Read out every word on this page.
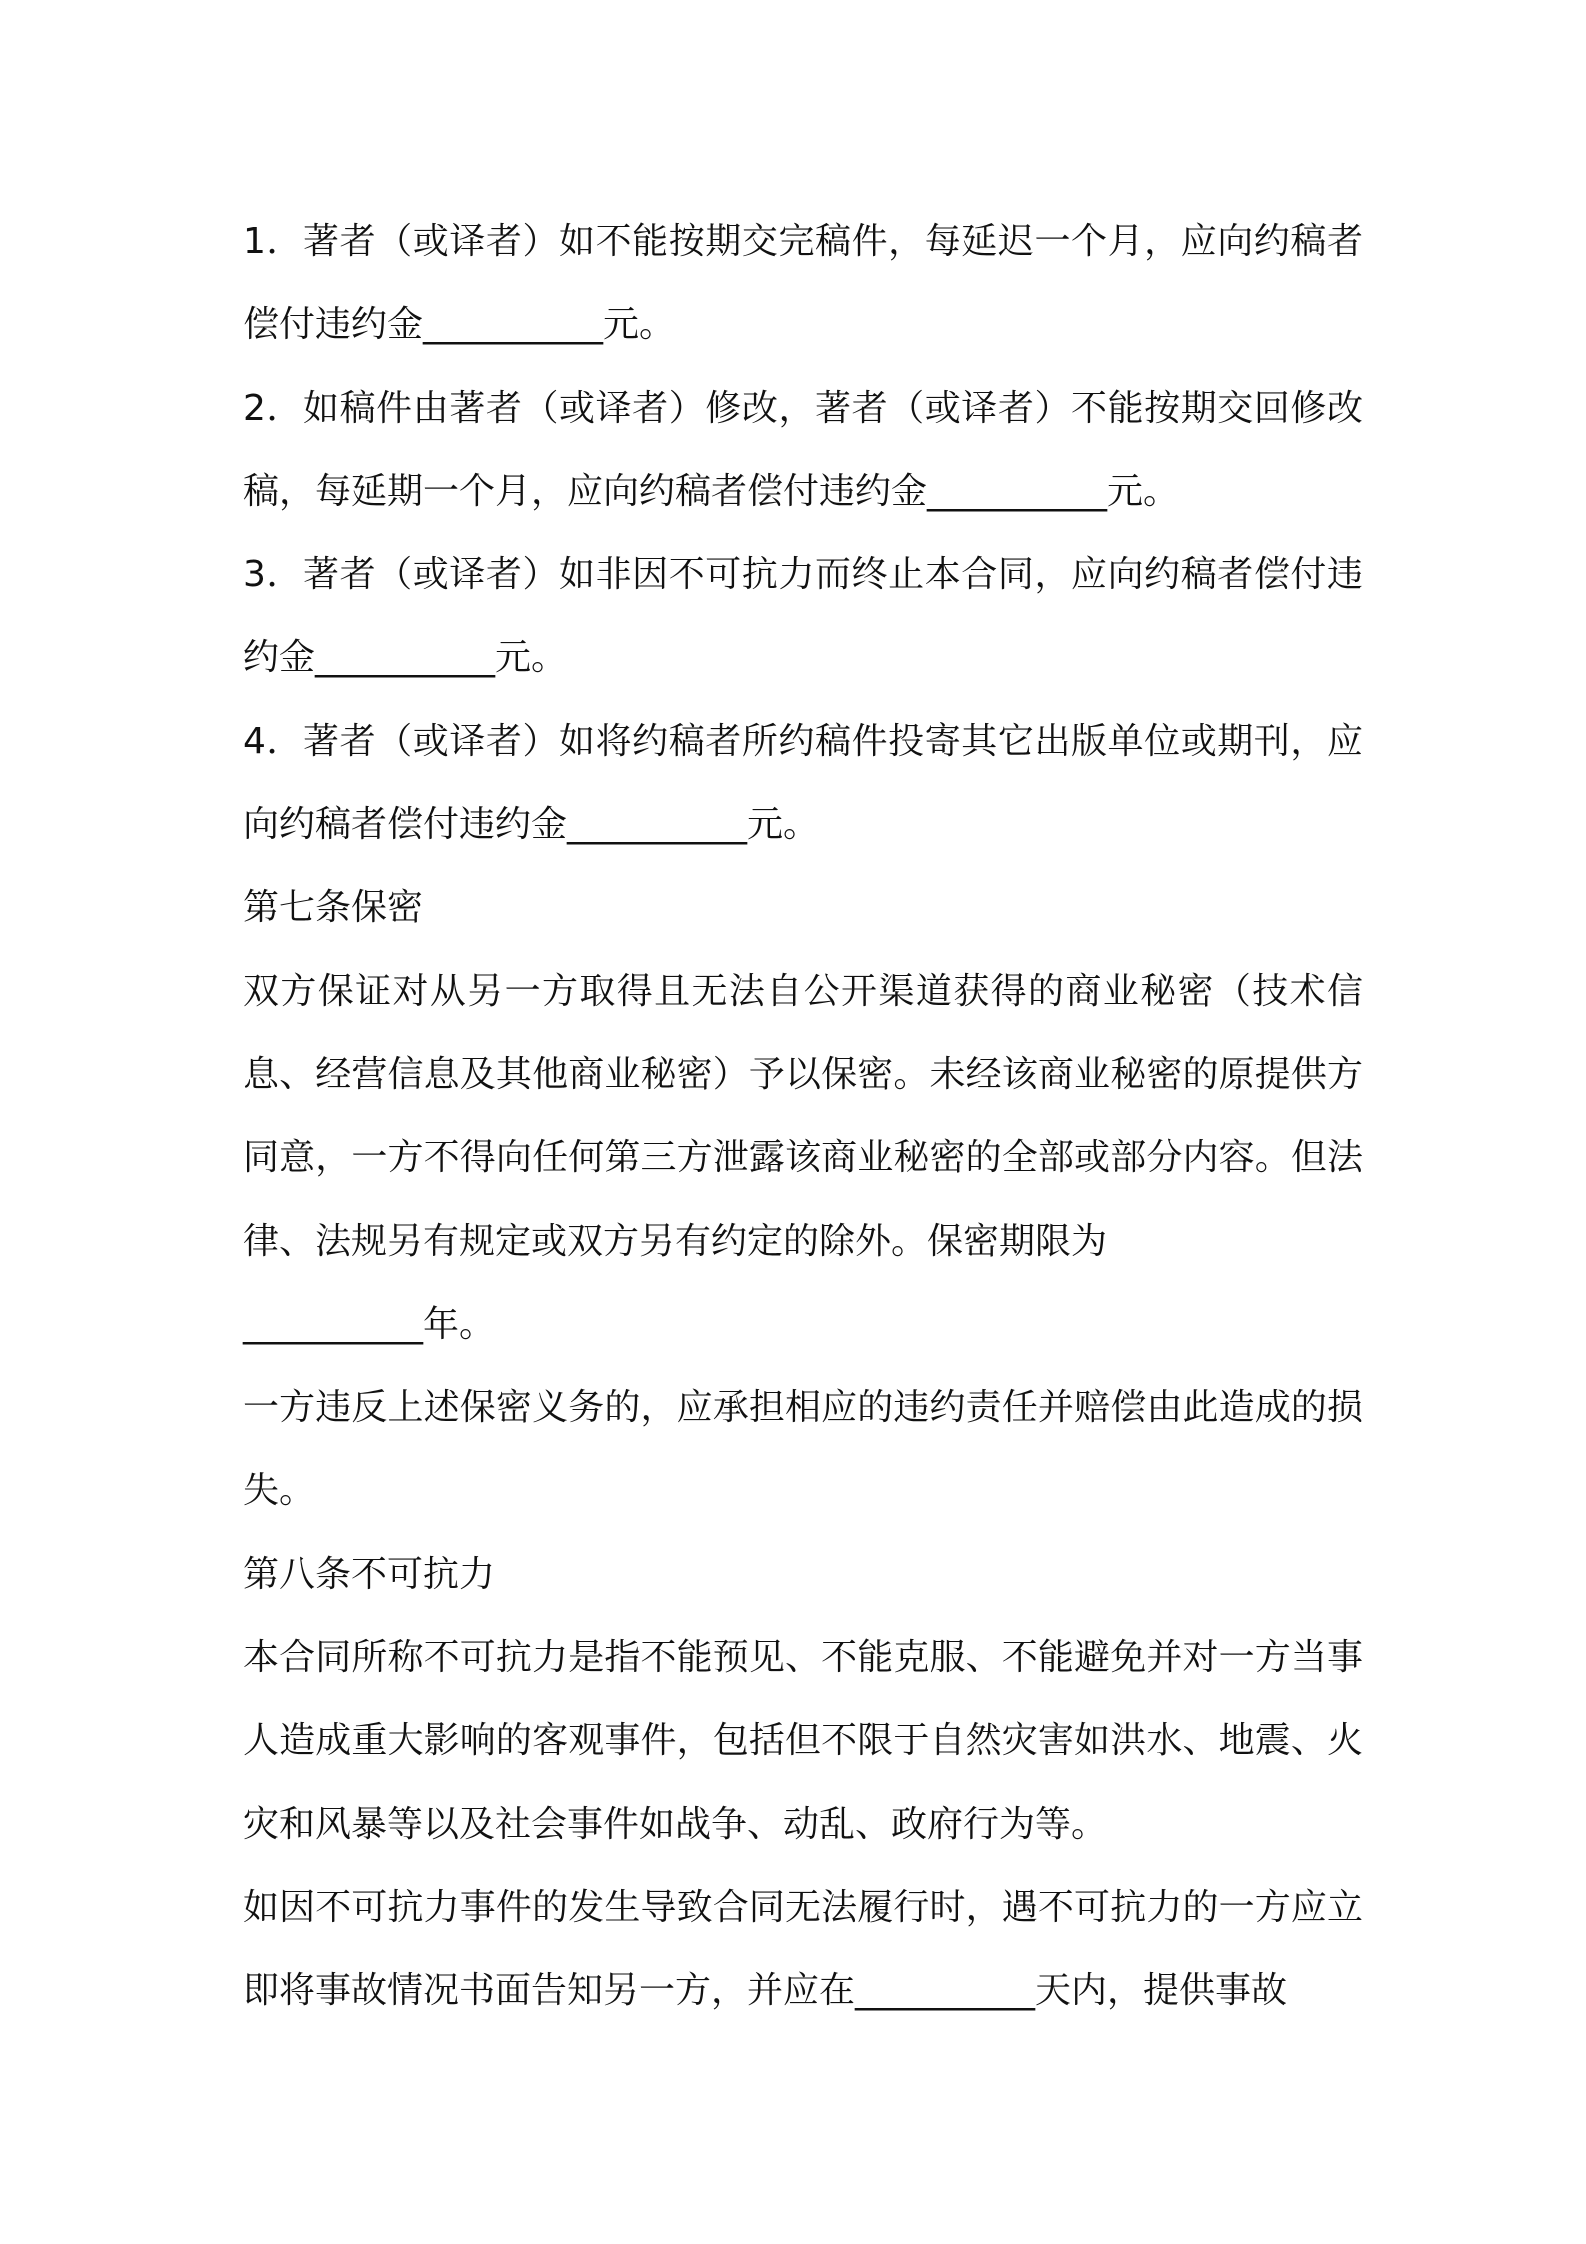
1．著者（或译者）如不能按期交完稿件，每延迟一个月，应向约稿者偿付违约金__________元。

2．如稿件由著者（或译者）修改，著者（或译者）不能按期交回修改稿，每延期一个月，应向约稿者偿付违约金__________元。

3．著者（或译者）如非因不可抗力而终止本合同，应向约稿者偿付违约金__________元。

4．著者（或译者）如将约稿者所约稿件投寄其它出版单位或期刊，应向约稿者偿付违约金__________元。

第七条保密

双方保证对从另一方取得且无法自公开渠道获得的商业秘密（技术信息、经营信息及其他商业秘密）予以保密。未经该商业秘密的原提供方同意，一方不得向任何第三方泄露该商业秘密的全部或部分内容。但法律、法规另有规定或双方另有约定的除外。保密期限为
__________年。

一方违反上述保密义务的，应承担相应的违约责任并赔偿由此造成的损失。

第八条不可抗力

本合同所称不可抗力是指不能预见、不能克服、不能避免并对一方当事人造成重大影响的客观事件，包括但不限于自然灾害如洪水、地震、火灾和风暴等以及社会事件如战争、动乱、政府行为等。

如因不可抗力事件的发生导致合同无法履行时，遇不可抗力的一方应立即将事故情况书面告知另一方，并应在__________天内，提供事故
